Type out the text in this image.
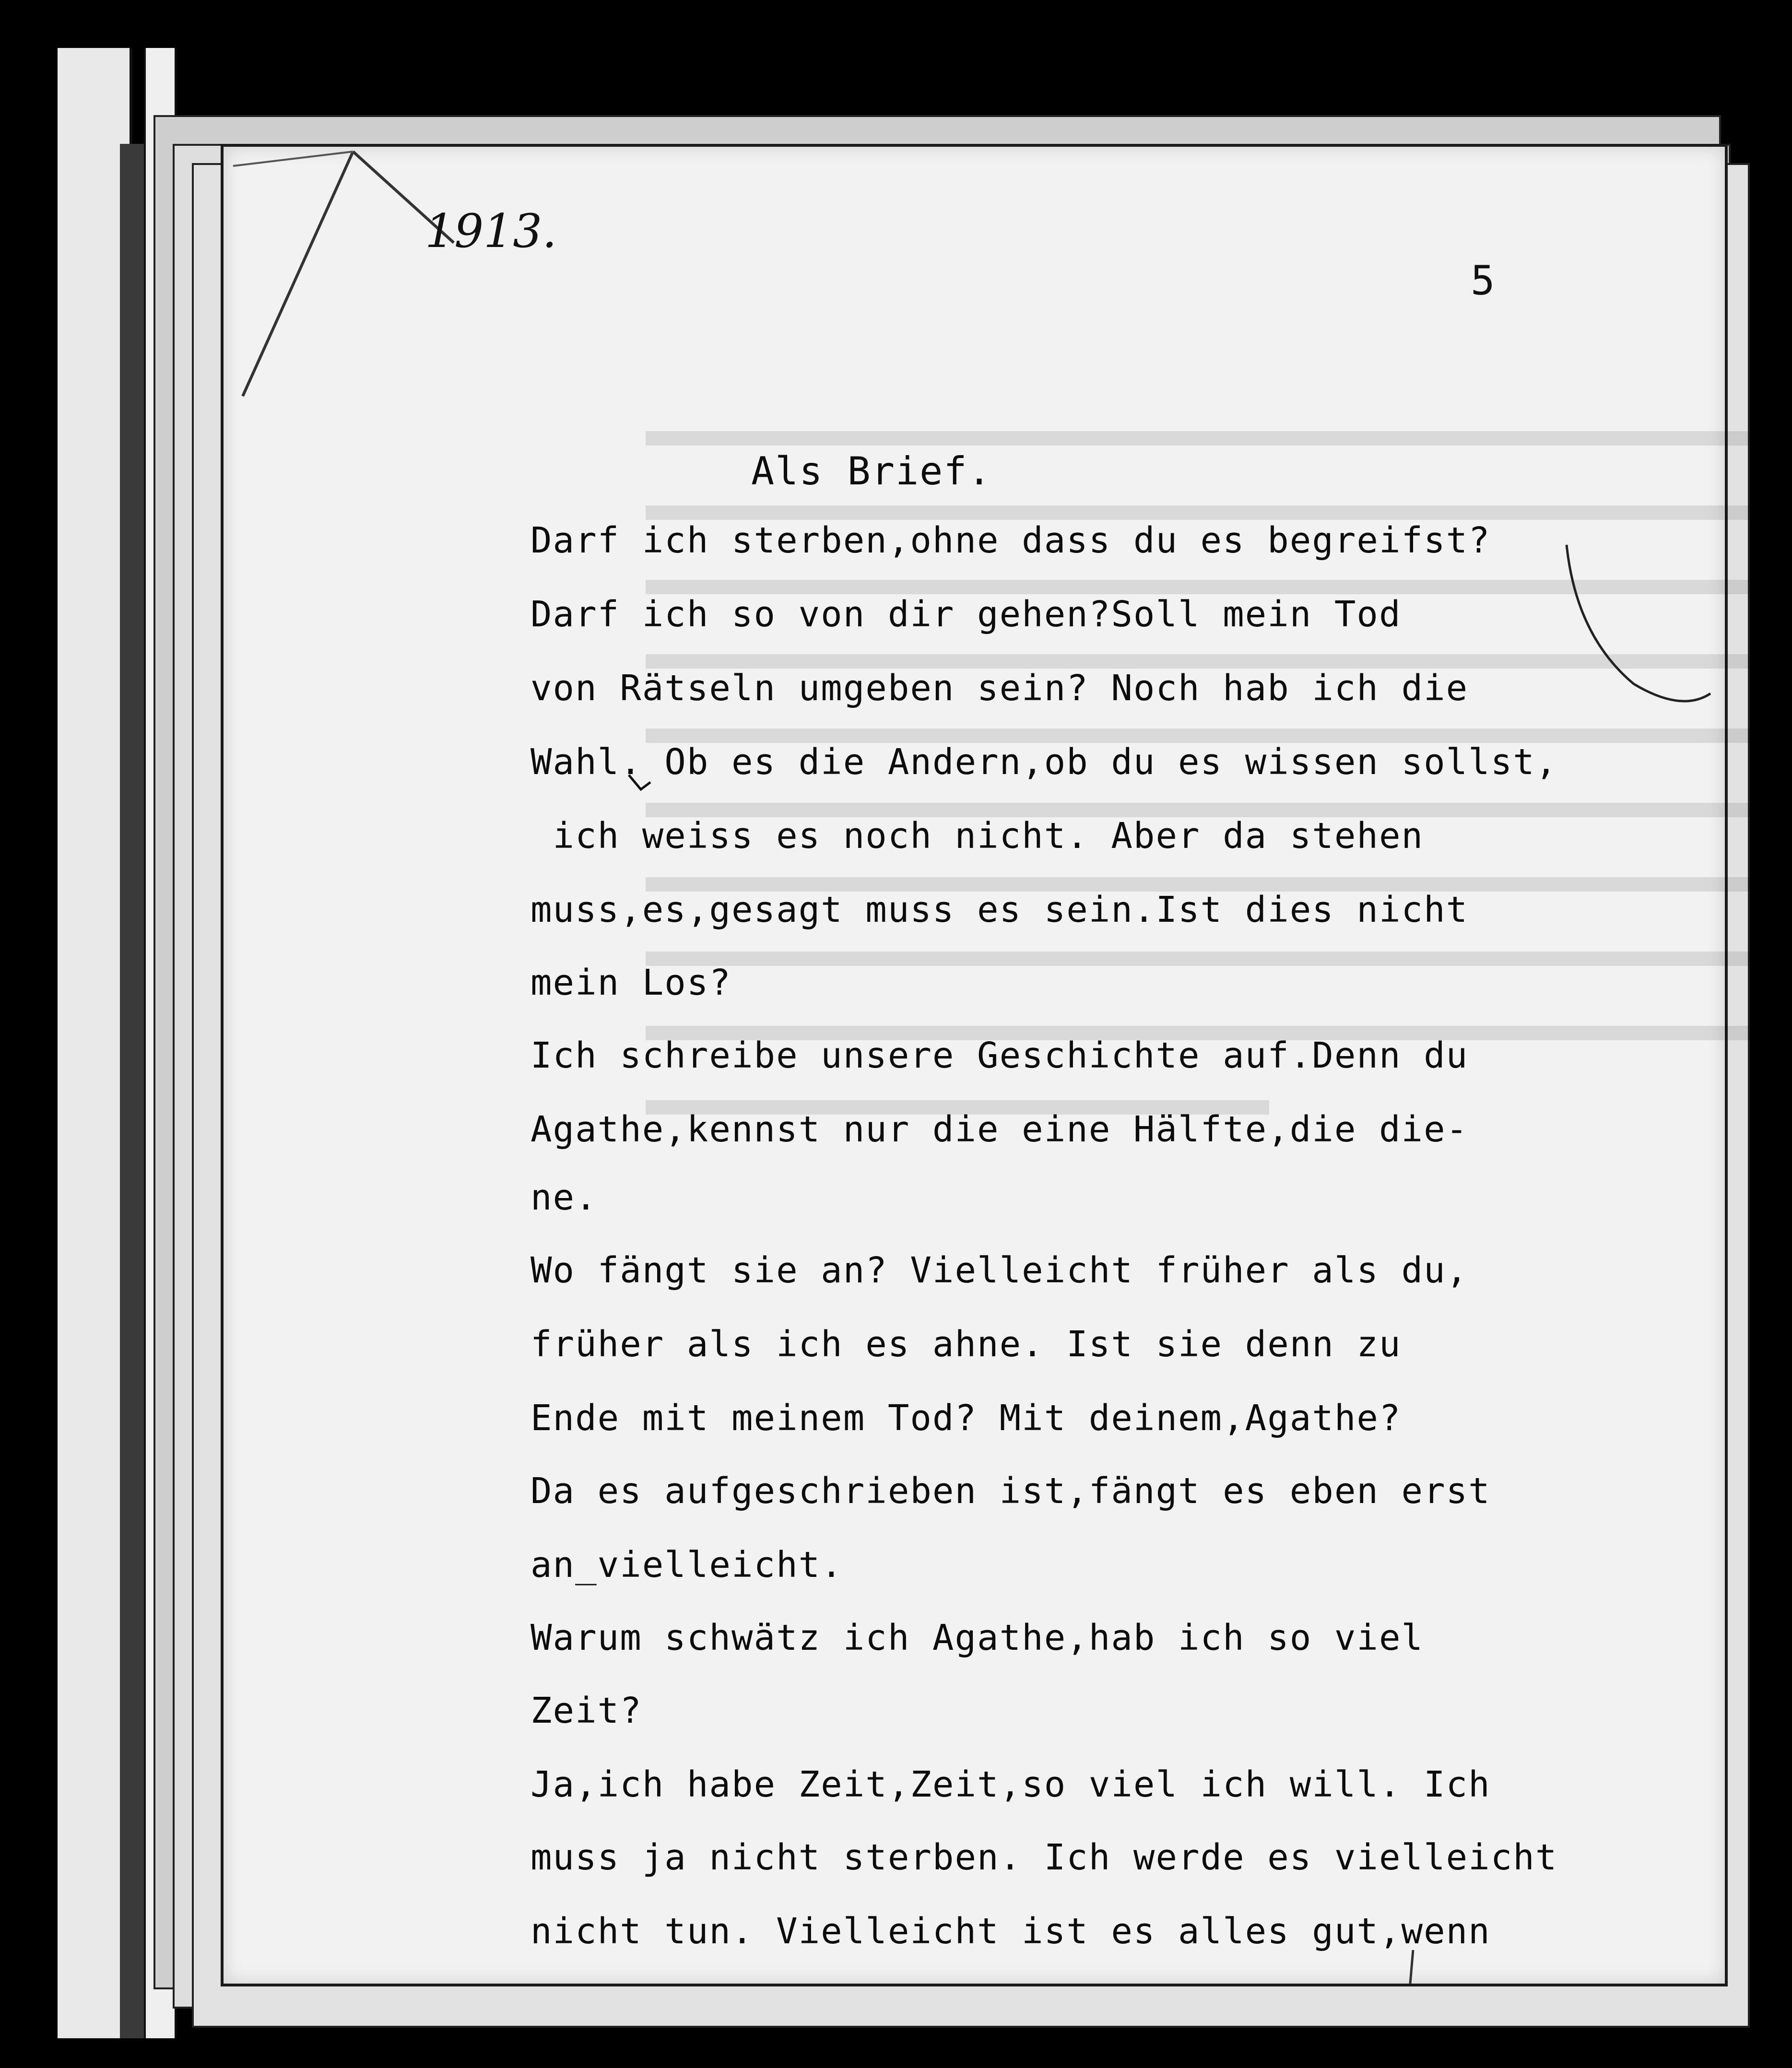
1913.
5

Als Brief.
Darf ich sterben,ohne dass du es begreifst?
Darf ich so von dir gehen?Soll mein Tod
von Rätseln umgeben sein? Noch hab ich die
Wahl. Ob es die Andern,ob du es wissen sollst,
ich weiss es noch nicht. Aber da stehen
muss,es,gesagt muss es sein.Ist dies nicht
mein Los?
Ich schreibe unsere Geschichte auf.Denn du
Agathe,kennst nur die eine Hälfte,die die-
ne.
Wo fängt sie an? Vielleicht früher als du,
früher als ich es ahne. Ist sie denn zu
Ende mit meinem Tod? Mit deinem,Agathe?
Da es aufgeschrieben ist,fängt es eben erst
an_vielleicht.
Warum schwätz ich Agathe,hab ich so viel
Zeit?
Ja,ich habe Zeit,Zeit,so viel ich will. Ich
muss ja nicht sterben. Ich werde es vielleicht
nicht tun. Vielleicht ist es alles gut,wenn
